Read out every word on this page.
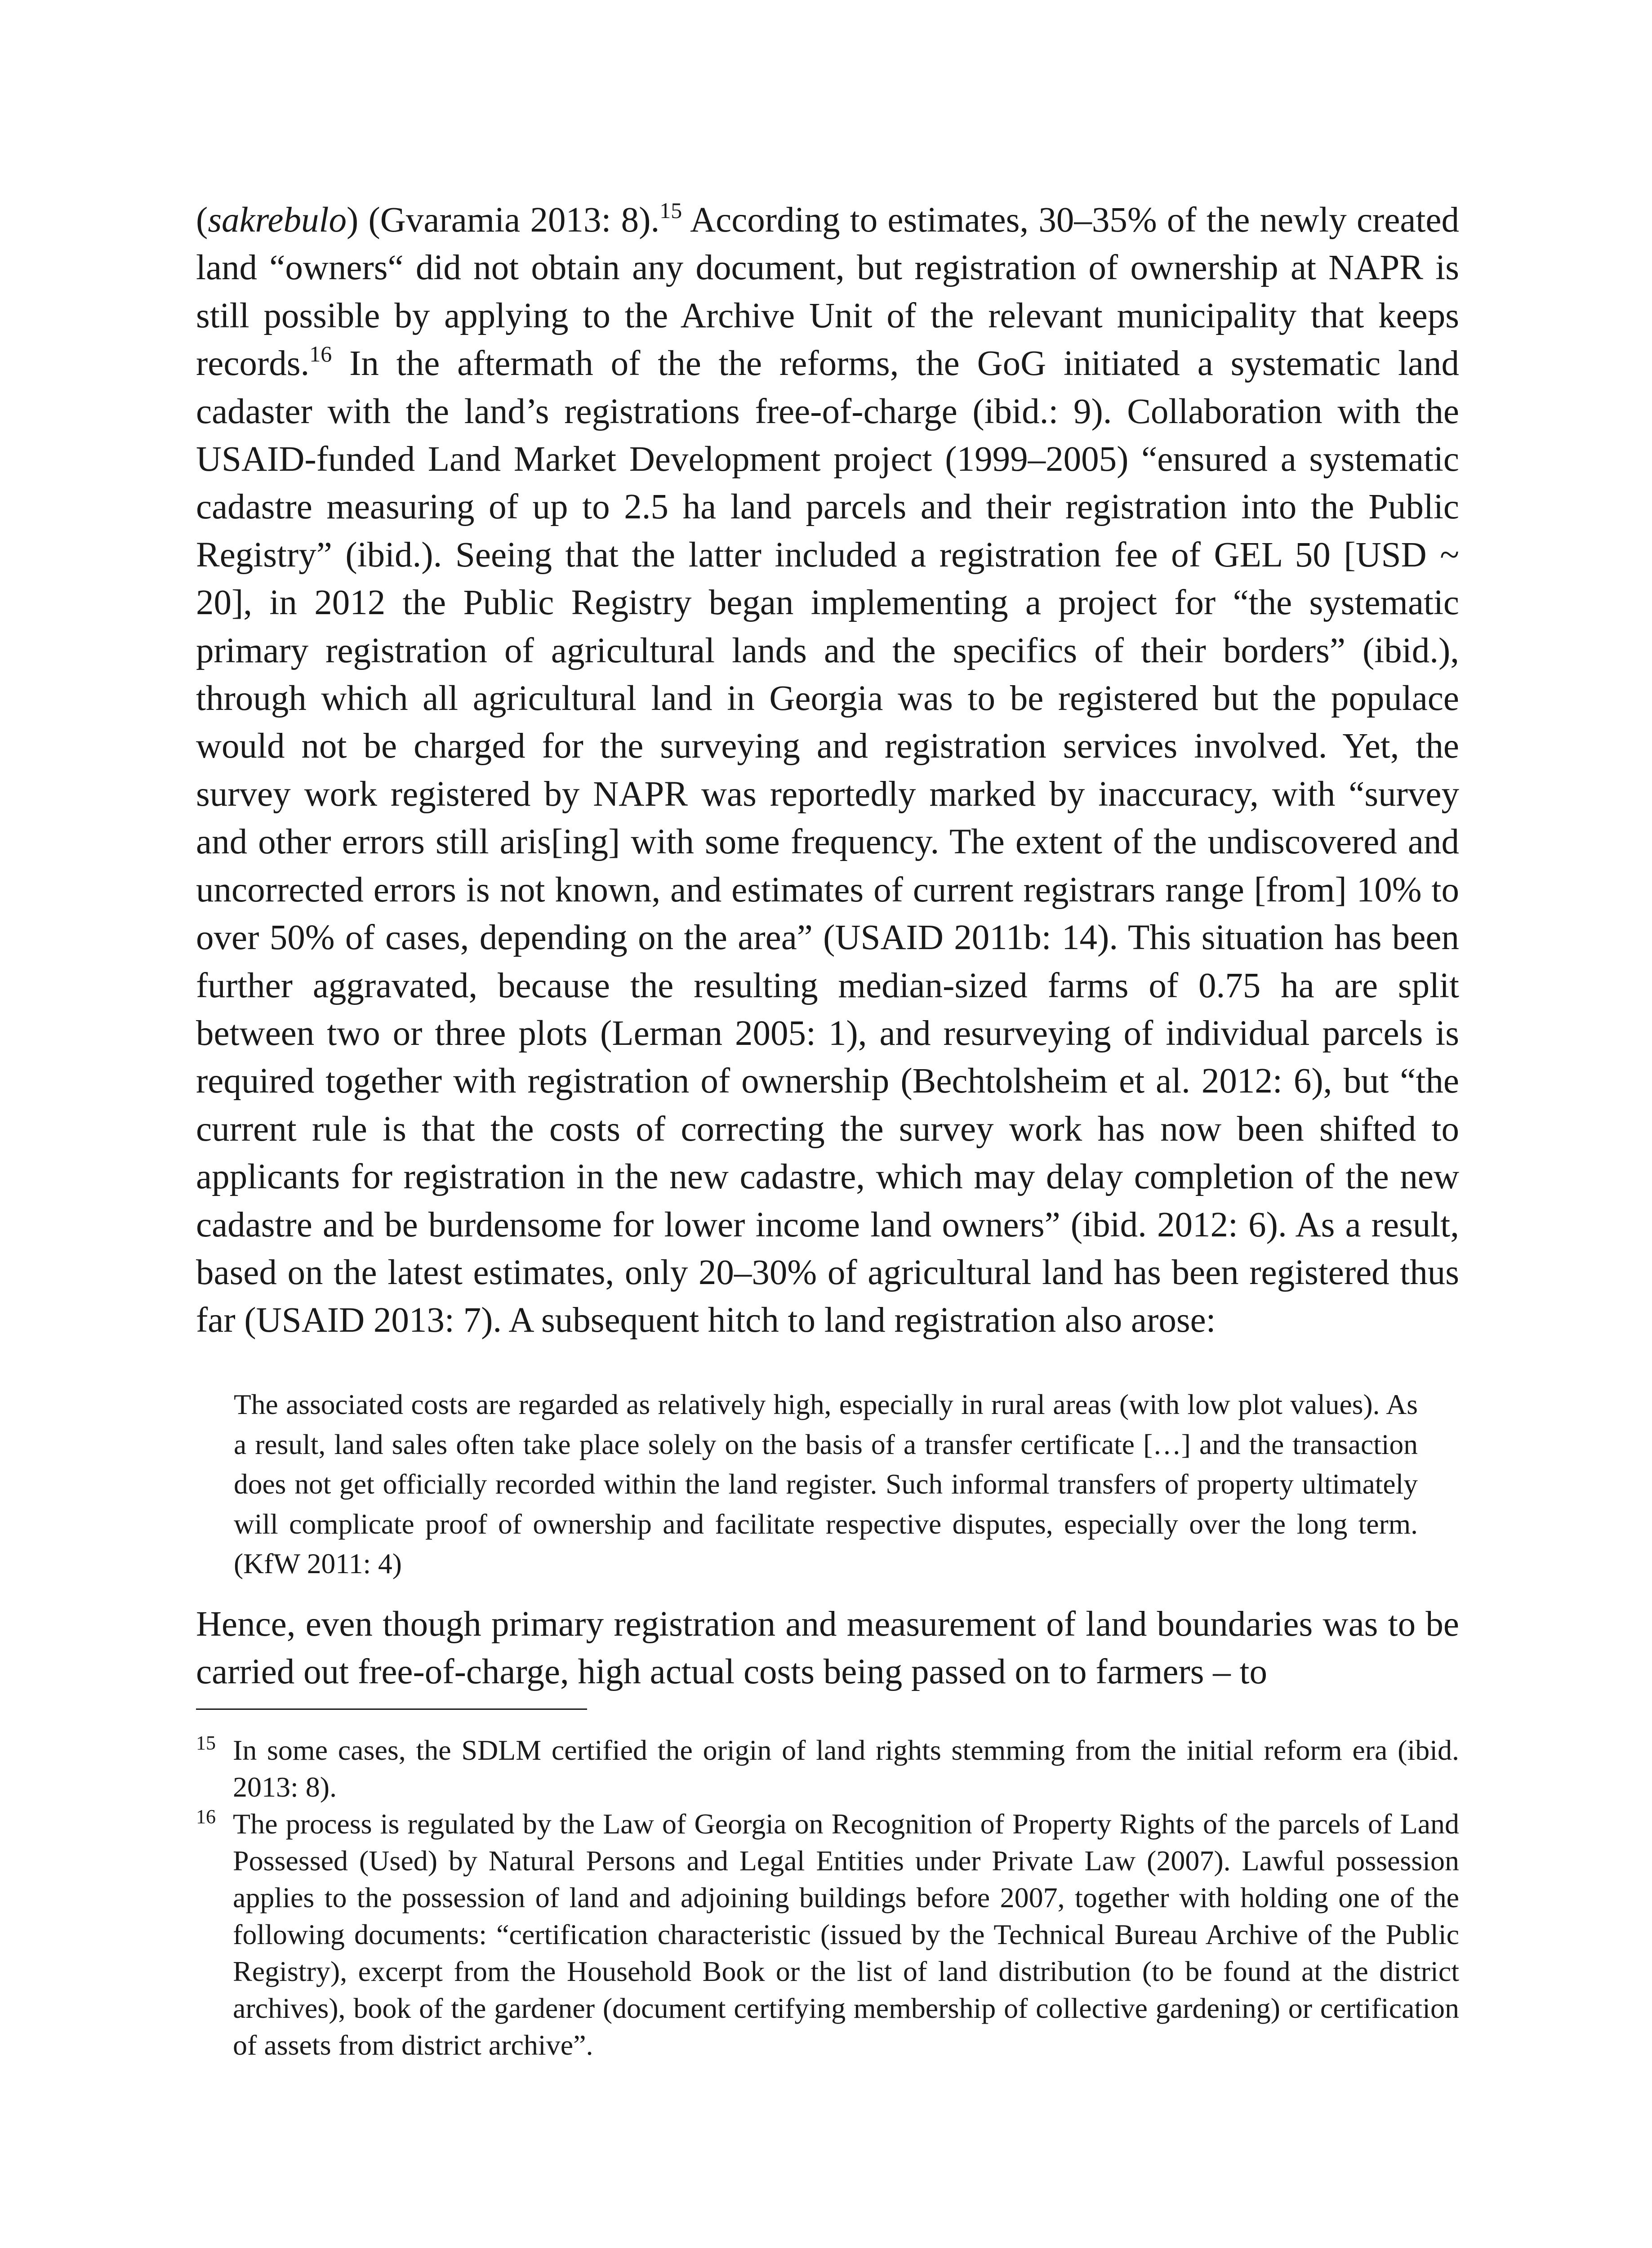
(sakrebulo) (Gvaramia 2013: 8).$^{15}$ According to estimates, 30–35% of the newly created land “owners“ did not obtain any document, but registration of ownership at NAPR is still possible by applying to the Archive Unit of the relevant municipality that keeps records.$^{16}$ In the aftermath of the the reforms, the GoG initiated a systematic land cadaster with the land’s registrations free-of-charge (ibid.: 9). Collaboration with the USAID-funded Land Market Development project (1999–2005) “ensured a systematic cadastre measuring of up to 2.5 ha land parcels and their registration into the Public Registry” (ibid.). Seeing that the latter included a registration fee of GEL 50 [USD ~ 20], in 2012 the Public Registry began implementing a project for “the systematic primary registration of agricultural lands and the specifics of their borders” (ibid.), through which all agricultural land in Georgia was to be registered but the populace would not be charged for the surveying and registration services involved. Yet, the survey work registered by NAPR was reportedly marked by inaccuracy, with “survey and other errors still aris[ing] with some frequency. The extent of the undiscovered and uncorrected errors is not known, and estimates of current registrars range [from] 10% to over 50% of cases, depending on the area” (USAID 2011b: 14). This situation has been further aggravated, because the resulting median-sized farms of 0.75 ha are split between two or three plots (Lerman 2005: 1), and resurveying of individual parcels is required together with registration of ownership (Bechtolsheim et al. 2012: 6), but “the current rule is that the costs of correcting the survey work has now been shifted to applicants for registration in the new cadastre, which may delay completion of the new cadastre and be burdensome for lower income land owners” (ibid. 2012: 6). As a result, based on the latest estimates, only 20–30% of agricultural land has been registered thus far (USAID 2013: 7). A subsequent hitch to land registration also arose:

The associated costs are regarded as relatively high, especially in rural areas (with low plot values). As a result, land sales often take place solely on the basis of a transfer certificate […] and the transaction does not get officially recorded within the land register. Such informal transfers of property ultimately will complicate proof of ownership and facilitate respective disputes, especially over the long term. (KfW 2011: 4)

Hence, even though primary registration and measurement of land boundaries was to be carried out free-of-charge, high actual costs being passed on to farmers – to

15 In some cases, the SDLM certified the origin of land rights stemming from the initial reform era (ibid. 2013: 8).
16 The process is regulated by the Law of Georgia on Recognition of Property Rights of the parcels of Land Possessed (Used) by Natural Persons and Legal Entities under Private Law (2007). Lawful possession applies to the possession of land and adjoining buildings before 2007, together with holding one of the following documents: “certification characteristic (issued by the Technical Bureau Archive of the Public Registry), excerpt from the Household Book or the list of land distribution (to be found at the district archives), book of the gardener (document certifying membership of collective gardening) or certification of assets from district archive”.
